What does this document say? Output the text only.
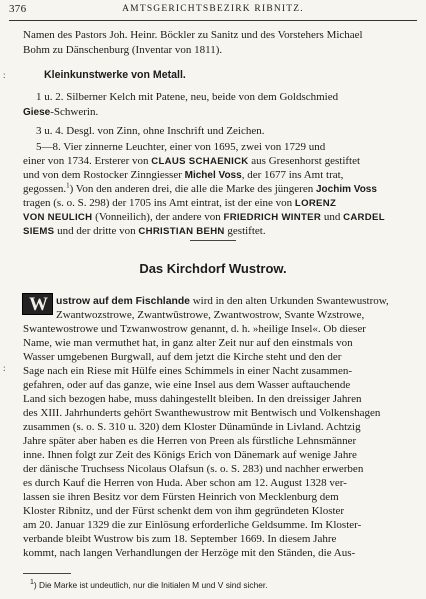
376	AMTSGERICHTSBEZIRK RIBNITZ.
:
:
Namen des Pastors Joh. Heinr. Böckler zu Sanitz und des Vorstehers Michael
Bohm zu Dänschenburg (Inventar von 1811).
Kleinkunstwerke von Metall.
1 u. 2. Silberner Kelch mit Patene, neu, beide von dem Goldschmied
Giese-Schwerin.
3 u. 4. Desgl. von Zinn, ohne Inschrift und Zeichen.
5—8. Vier zinnerne Leuchter, einer von 1695, zwei von 1729 und
einer von 1734. Ersterer von CLAUS SCHAENICK aus Gresenhorst gestiftet
und von dem Rostocker Zinngiesser Michel Voss, der 1677 ins Amt trat,
gegossen.$^1$) Von den anderen drei, die alle die Marke des jüngeren Jochim Voss
tragen (s. o. S. 298) der 1705 ins Amt eintrat, ist der eine von LORENZ
VON NEULICH (Vonneilich), der andere von FRIEDRICH WINTER und CARDEL
SIEMS und der dritte von CHRISTIAN BEHN gestiftet.
Das Kirchdorf Wustrow.
W ustrow auf dem Fischlande wird in den alten Urkunden Swantewustrow,
Zwantwozstrowe, Zwantwūstrowe, Zwantwostrow, Svante Wzstrowe,
Swantewostrowe und Tzwanwostrow genannt, d. h. »heilige Insel«. Ob dieser
Name, wie man vermuthet hat, in ganz alter Zeit nur auf den einstmals von
Wasser umgebenen Burgwall, auf dem jetzt die Kirche steht und den der
Sage nach ein Riese mit Hülfe eines Schimmels in einer Nacht zusammen-
gefahren, oder auf das ganze, wie eine Insel aus dem Wasser auftauchende
Land sich bezogen habe, muss dahingestellt bleiben. In den dreissiger Jahren
des XIII. Jahrhunderts gehört Swanthewustrow mit Bentwisch und Volkenshagen
zusammen (s. o. S. 310 u. 320) dem Kloster Dünamünde in Livland. Achtzig
Jahre später aber haben es die Herren von Preen als fürstliche Lehnsmänner
inne. Ihnen folgt zur Zeit des Königs Erich von Dänemark auf wenige Jahre
der dänische Truchsess Nicolaus Olafsun (s. o. S. 283) und nachher erwerben
es durch Kauf die Herren von Huda. Aber schon am 12. August 1328 ver-
lassen sie ihren Besitz vor dem Fürsten Heinrich von Mecklenburg dem
Kloster Ribnitz, und der Fürst schenkt dem von ihm gegründeten Kloster
am 20. Januar 1329 die zur Einlösung erforderliche Geldsumme. Im Kloster-
verbande bleibt Wustrow bis zum 18. September 1669. In diesem Jahre
kommt, nach langen Verhandlungen der Herzöge mit den Ständen, die Aus-
$^1$) Die Marke ist undeutlich, nur die Initialen M und V sind sicher.
